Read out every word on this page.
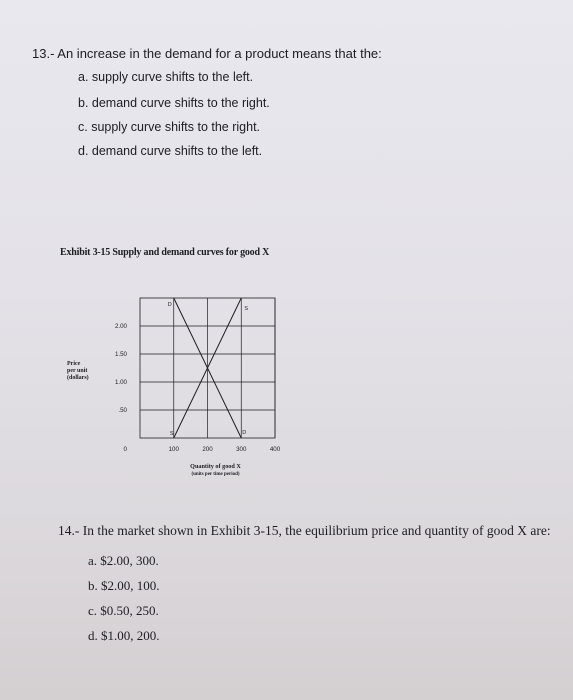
13.- An increase in the demand for a product means that the:
a. supply curve shifts to the left.
b. demand curve shifts to the right.
c. supply curve shifts to the right.
d. demand curve shifts to the left.
Exhibit 3-15 Supply and demand curves for good X
D
D
S
S
0
.50
1.00
1.50
2.00
100	200	300	400
Price
per unit
(dollars)
Quantity of good X
(units per time period)
14.- In the market shown in Exhibit 3-15, the equilibrium price and quantity of good X are:
a. $2.00, 300.
b. $2.00, 100.
c. $0.50, 250.
d. $1.00, 200.
